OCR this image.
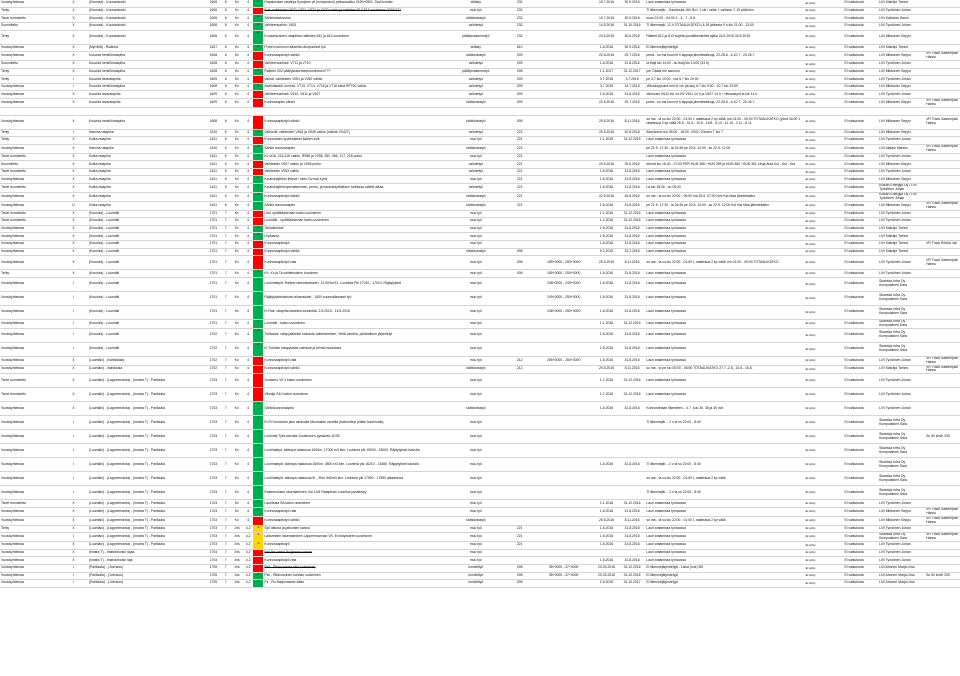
Vuosisyhteinaa	X	(Kouvola) - Kuusankoski	1606	6	Kv	4	2	Rapakosken ratalinja Kymijoen yli (kompostori) pelkanaukko 0190+0501. Tasli kohder	silikaty	232		15.7.2016	30.9.2016	Lauri antamissa työraossa	Ei tehty	Ei vaikutusta	LiVi Käkräpi Tommi	
Tehty	X	(Kouvola) - Kuusankoski	1606	6	Kv	4	2	Kuk. vaihteiden V620, V621, V624 ja V620 vaihto ja raiteiden 812-813 uusiminen 2016/???	muu työ	232				Tl liikennejär. - Kaudessa 16h Ilt-rl. 1 vkl / raide + vaiheen 7-19 päivinen	Ei tehty	Ei vaikutusta	LiVi Tyndönen Juhan	
Tarve tunnistettu	X	(Kouvola) - Kuusankoski	1606	6	Kv	4	2	Sähkörataluvutus	sähköratatyö	232		10.7.2016	30.9.2016	kuun 21:00 - 04:00 3 - 4 - 7 - 8.8.	Ei tehty	Ei vaikutusta	LiVi Kaiholan Sanni	
Suunniteltu	X	(Kouvola) - Kuusankoski	1606	6	Kv	4	2	Vaihteenvaihto: V631	vaihdetyö	232		14.5.2016	31.10.2016	Tl liikennejär. 12 h TOTAALIKATKO LA 18 järkesta 9 h klo 21:00 - 12:00	Ei tehty	Ei vaikutusta	LiVi Tyndönen Juhan	
Tehty	X	(Kouvola) - Kuusankoski	1606	6	Kv	4	2	Kuusankosken ratapihan raiteiden 812 ja 813 uusiminen	päällysrakennetyö	232		24.5.2015	30.6.2015	Raiteet 812 ja 813 suljettu junaliikenteeltä ajalla 24.5.2015-30.6.2015	Ei tehty	Ei vaikutusta	LiVi Mikkonen Seppo	
Vuosisyhteinaa	X	(Myrnlilä) - Rialinna	1607	6	Kv	4	2	Prann ruoinnon ratuselta ulkopuolisel työ	silikaty	610		1.6.2016	30.9.2016	Ei liikennejärjestelyjä	Ei tehty	Ei vaikutusta	LiVi Käkräpi Tommi	
Vuosisyhteinaa	X	Kouvola henkilöratapiha	1608	6	Kv	4	1	Kunnossapitotyö sähkö	sähköratatyö	009		22.6.2016	29.7.2016	perta - su ma kuun ilt h lappaja jännitekatkoja, 22-28.6., 6-10.7., 20-26.7.	Ei tehty	Ei vaikutusta	LiVi Mikkonen Seppo	VR Track Saarenpää Hannu
Suunniteltu	X	Kouvola henkilöratapiha	1608	6	Kv	4	1	Vaihteenvaihdot: V711 ja V710	vaihdetyö	009		1.6.2016	31.8.2016	la thaji klo 14:00 - su thaji klo 14:00 (24 h)	Ei tehty	Ei vaikutusta	LiVi Tyndönen Juhan	
Tehty	X	Kouvola henkilöratapiha	1608	6	Kv	4	2	Raiteen 002 päällysrakenteenuusiminen???	päällysrakennetyö	006		1.1.2017	31.12.2017	per Oaida me samoun	Ei tehty	Ei vaikutusta	LiVi Mikkonen Seppo	
Tehty	I	Kouvola lavaratapiha	1609	6	Kv	4	1	Vaihat. vaihteiden V051 ja V052 vaihto	vaihdetyö	009		3.7.2015	3.7.2015	pe 3.7 klo 10:00 - ma 5.7 klo 20:00	Ei tehty	Ei vaikutusta	LiVi Tyndönen Juhan	
Vuosisyhteinaa	I	Kouvola henkilöratapiha	1608	6	Kv	4	2	Asetinlaiatilt. kunnioi, V713, V714, V715 ja V716 sekä RP700 vaihto	vaihdetyö	009		3.7.2015	14.7.2015	Viikonloppuina mini 6 vrk (la-las) 6:7 klo 9:00 - 10.7 klo 23:59	Ei tehty	Ei vaikutusta	LiVi Mikkonen Seppo	
Vuosisyhteinaa	X	Kouvola lavaratapiha	1609	6	Kv	4	1	Vaihteenvaihdot: V610, V611 ja V627	vaihdetyö	009		1.6.2016	31.8.2016	ottoluuse V610 klo 14:00/ V611 14 h ja V627 14 h = hitsaustyöt la lue 14 h	Ei tehty	Ei vaikutusta	LiVi Tyndönen Juhan	
Vuosisyhteinaa	X	Kouvola lavaratapiha	1609	6	Kv	4	1	Kunnossapito sähkö	sähköratatyö	009		22.6.2016	29.7.2016	perta - su ma kuun ilt h lappaja jännitekatkoja, 22-28.6., 6-10.7., 20-26.7.	Ei tehty	Ei vaikutusta	LiVi Mikkonen Seppo	VR Track Saarenpää Hannu

Vuosisyhteinaa	X	Kouvola henkilöratapiha	1608	6	Kv	4	1	Kunnossapitotyö sähkö	sähköratatyö	006		25.5.2016	8.11.2016	su ma - la su klo 22:00 - 01:00 1 ratalissua 2 kp väliä, klo 01:00 - 05:00 TOTAALIKATKO (yönä 06:00 1 ratalissua 2 kp väliä 25.5 - 31.5., 10.8 - 16.8., 5.10 - 11.10., 2.11 - 8.11.	Ei tehty	Ei vaikutusta	LiVi Mikkonen Seppo	VR Track Saarenpää Hannu
Tehty	I	Hamina ratapiha	1610	6	Kv	4	2	Vaiturulli: vaihteiden V544 ja V546 vaihto (vaihde V0427)	vaihdetyö	222		20.5.2015	20.5.2015	Almykoivin klo 06:00 - 18:00. V042 / Einarin T klo 7	Ei tehty	Ei vaikutusta	LiVi Mikkonen Seppo	
Tehty	X	Kotka ratapiha	1611	6	Kv	4	1	Kunnostaen sydöntaiteet kaiken sulk	muu työ	221		1.1.2015	31.12.2015	Lauri antamissa työraossa	Ei tehty	Ei vaikutusta	LiVi Tyndönen Juhan	
Vuosisyhteinaa	X	Hamina ratapiha	1610	6	Kv	4	2	Sähkö kunnossapito	sähköratatyö	222				pe 21.5. 17:30 - la 16:45 pe 20.5. 12:00 - su 22.5. 12:00	Ei tehty	Ei vaikutusta	LiVi Alatalo Markku	VR Track Saarenpää Hannu
Tarve tunnistettu	X	Kotka ratapiha	1611	6	Kv	4	2	Kv ut16, 216,218 vaihto, R958 ja V258, 260, 066, 217, 218 purku	muu työ	221				Lauri antamissa työraossa	Ei tehty	Ei vaikutusta	LiVi Tyndönen Juhan	
Suunniteltu	X	Kotka ratapiha	1611	6	Kv	4	1	Vaihteiden V097 vaihto ja V096 purku	vaihdetyö	221		24.5.2016	25.5.2016	ehenä klo 16:40 - 07:00 PER HUN 358 / HUN 359 ja HUN 360 / HUN 361 Liivja Aula Kiu - Kto - Kta	Ei tehty	Ei vaikutusta	LiVi Mikkonen Seppo	
Tarve tunnistettu	X	Kotka ratapiha	1611	6	Kv	4	1	Vaihteiden V053 vaihto	vaihdetyö	221		1.6.2016	31.8.2016	Lauri antamissa työraossa	Ei tehty	Ei vaikutusta	LiVi Tyndönen Juhan	
Vuosisyhteinaa	X	Kotka ratapiha	1611	6	Kv	4	2	Kaukokäyttöön liittyvä / siirto Gv:ssä Kymi	muu työ	221		1.6.2016	31.8.2016	Lauri antamissa työraossa	Ei tehty	Ei vaikutusta	LiVi Mikkonen Seppo	
Tarve tunnistettu	X	Kotka ratapiha	1611	6	Kv	4	2	Kaukokäyttöönperustaminen, perhu, ja kaukokäyttöäluen tunlikssa raiteet alkaa	vaihdetyö	221		1.6.2016	31.8.2016	La klo 18:30 - su 09:30	Ei tehty	Ei vaikutusta	Koikan Energija Oy / LiVi Tyndönen Juhan	
Vuosisyhteinaa	X	Kotka ratapiha	1611	6	Kv	4	2	Kunnossapitotyö sähkö	sähköratatyö	221		22.6.2016	26.8.2016	su ma - la su klo 20:00 - 06:00 ma 26.6. 07:00 Hve Kta Maa jännitekatko	Ei tehty	Ei vaikutusta	Koikan Energija Oy / LiVi Tyndönen Juhan	
Vuosisyhteinaa	U	Kotka ratapiha	1611	6	Kv	4	2	Sähkö kunnossapito	sähköratatyö	221		1.6.2016	31.8.2016	pe 21.5. 17:30 - la 16:45 pe 20.5. 12:00 - su 22.5. 12:00 Kot Kta Maa jännitekatko	Ei tehty	Ei vaikutusta	LiVi Mikkonen Seppo	VR Track Saarenpää Hannu
Tarve tunnistettu	X	(Kouvola) - Luumäki	1701	7	Kv	4	1	Uml. sydöttäaseman katon uusiminen	muu työ			1.1.2016	31.12.2016	Lauri antamissa työraossa	Ei tehty	Ei vaikutusta	LiVi Tyndönen Juhan	
Tarve tunnistettu	X	(Kouvola) - Luumäki	1701	7	Kv	4	1	Luumäki - sydöttäaseman katon uusiminen	muu työ			1.1.2016	31.12.2016	Lauri antamissa työraossa	Ei tehty	Ei vaikutusta	LiVi Tyndönen Juhan	
Vuosisyhteinaa	X	(Kouvola) - Luumäki	1701	7	Kv	4	2	Tarkastukset	muu työ			1.6.2016	31.8.2016	Lauri antamissa työraossa	Ei tehty	Ei vaikutusta	LiVi Käkräpi Tommi	
Vuosisyhteinaa	X	(Kouvola) - Luumäki	1701	7	Kv	4	2	Liiptuanta	muu työ			1.6.2016	31.8.2016	Lauri antamissa työraossa	Ei tehty	Ei vaikutusta	LiVi Käkräpi Tommi	
Vuosisyhteinaa	X	(Kouvola) - Luumäki	1701	7	Kv	4	1	Kunnossapitotyö	muu työ			1.6.2016	31.8.2016	Lauri antamissa työraossa	Ei tehty	Ei vaikutusta	LiVi Käkräpi Tommi	VR Track Rönkä Jari
Vuosisyhteinaa	X	(Kouvola) - Luumäki	1701	7	Kv	4	1	Kunnossapitotyö sähkö	sähköratatyö	006		9.2.2015	22.2.2016	Lauri antamissa työraossa	Ei tehty	Ei vaikutusta	LiVi Käkräpi Tommi	
Vuosisyhteinaa	X	(Kouvola) - Luumäki	1701	7	Kv	4	1	Kunnossapitotyö rata	muu työ	006	185+0000 - 250+0000	25.5.2016	8.11.2016	su ma - la su klo 22:00 - 01:00 1 ratalissua 2 kp väliä, klo 01:00 - 05:00 TOTAALIKATKO	Ei tehty	Ei vaikutusta	LiVi Tyndönen Juhan	VR Track Saarenpää Hannu
Tehty	X	(Kouvola) - Luumäki	1701	7	Kv	4	2	Kh, Kv ja Ta vaihteksiston tuuminen	muu työ	006	185+0000 - 200+0000	1.6.2016	31.8.2016	Lauri antamissa työraossa	Ei tehty	Ei vaikutusta	LiVi Tyndönen Juhan	
Vuosisyhteinaa	I	(Kouvola) - Luumäki	1701	7	Kv	4	2	Louhintatyöt: Raiteel rakentamiseen, 12:00/hd 51. Louhinta Plk 17010 - 17010. Räjäytykset	muu työ		248+0000 - 249+0000	1.6.2016	31.8.2016	Lauri antamissa työraossa	Ei tehty	Ei vaikutusta	Skanska Infra Oy Kumpulainen Sara	
Vuosisyhteinaa	I	(Kouvola) - Luumäki	1701	7	Kv	4	2	Räjäytyksteaksiuta ta'kansulain - 1600 suunnallamaan työ	muu työ		249+0000 - 250+0000	1.6.2016	31.8.2016	Lauri antamissa työraossa	Ei tehty	Ei vaikutusta	Skanska Infra Oy Kumpulainen Sara	
Vuosisyhteinaa	I	(Kouvola) - Luumäki	1701	7	Kv	4	2	Ei Rak. ratapiha kakekisi kiulumilta, 2.6.2015 - 15.5.2016	muu työ		248+0000 - 250+0000	1.6.2016	31.8.2016	Lauri antamissa työraossa	Ei tehty	Ei vaikutusta	Skanska Infra Oy Kumpulainen Sara	
Vuosisyhteinaa	I	(Kouvola) - Luumäki	1701	7	Kv	4	2	Luumäki - katon uusiminen	muu työ			1.1.2016	31.12.2016	Lauri antamissa työraossa	Ei tehty	Ei vaikutusta	Skanska Infra Oy Kumpulainen Sara	
Vuosisyhteinaa	I	(Kouvola) - Luumäki	1702	7	Kv	4	2	Tullivalva: ratapysäkkien kaivanto rakentaminen, Vielä varrella, piriahalinen järjestelyt	muu työ			1.6.2016	31.8.2016	Lauri antamissa työraossa	Ei tehty	Ei vaikutusta	Skanska Infra Oy Kumpulainen Sara	
Vuosisyhteinaa	I	(Kouvola) - Luumäki	1702	7	Kv	4	2	Ei Tullrakk ratapysalas valmiste ja tehdä muutoksia	muu työ			1.6.2016	31.8.2016	Lauri antamissa työraossa	Ei tehty	Ei vaikutusta	Skanska Infra Oy Kumpulainen Sara	
Vuosisyhteinaa	X	(Luumäki) - (Vainikkala)	1702	7	Kv	4	1	Kunnossapitotyö rata	muu työ	212	255+0000 - 260+0000	1.6.2016	31.8.2016	Lauri antamissa työraossa	Ei tehty	Ei vaikutusta	LiVi Tyndönen Juhan	VR Track Saarenpää Hannu
Vuosisyhteinaa	X	(Luumäki) - Vainikkala	1702	7	Kv	4	1	Kunnossapitotyö sähkö	sähköratatyö	212		25.5.2016	8.11.2016	su ma - to pe klo 00:00 - 06:00 TOTAALIKATKO 27.7.-2.8., 10.8.- 16.8.	Ei tehty	Ei vaikutusta	LiVi Käkräpi Tommi	VR Track Saarenpää Hannu
Tarve tunnistettu	X	(Luumäki) - (Lappeenranta) - (Imatra T) - Parikkala	1703	7	Kv	4	1	Joutseno VK ii katon uusiminen	muu työ			1.1.2016	31.12.2016	Lauri antamissa työraossa	Ei tehty	Ei vaikutusta	LiVi Tyndönen Juhan	
Tarve tunnistettu	X	(Luumäki) - (Lappeenranta) - (Imatra T) - Parikkala	1703	7	Kv	4	1	Vitosija SA t katon uusiminen	muu työ			1.1.2016	31.12.2016	Lauri antamissa työraossa	Ei tehty	Ei vaikutusta	LiVi Tyndönen Juhan	
Vuosisyhteinaa	X	(Luumäki) - (Lappeenranta) - (Imatra T) - Parikkala	1703	7	Kv	4	2	Sähkökunnossapito	sähköratatyö			1.6.2016	31.8.2016	Kunnostetaan liikenteen... 4.7. kuu 30, 36 ja 40 viot	Ei tehty	Ei vaikutusta	LiVi Tyndönen Juhan	
Vuosisyhteinaa	I	(Luumäki) - (Lappeenranta) - (Imatra T) - Parikkala	1703	7	Kv	4	2	Ei Ri Huomioitu jaks varavalla Muumalan varrella (kaivuntleyt pitäisi huomioida)	muu työ					Tl liikennejär. - 2 x la su 22:00 - 8:40	Ei tehty	Ei vaikutusta	Skanska Infra Oy Kumpulainen Sara	
Vuosisyhteinaa	I	(Luumäki) - (Lappeenranta) - (Imatra T) - Parikkala	1703	7	Kv	4	2	Louhinta Tyks taloutta Joutsnonen pysakotu 11/05	muu työ						Ei tehty	Ei vaikutusta	Skanska Infra Oy Kumpulainen Sara	Sn 60 km/h 200
Vuosisyhteinaa	I	(Luumäki) - (Lappeenranta) - (Imatra T) - Parikkala	1703	7	Kv	4	2	Louhintatyö: aldeaya ratalukua 1600m, 17000 m3 klm, Louhinta plk 15000 - 18000. Räjäytykset kaivulla	muu työ						Ei tehty	Ei vaikutusta	Skanska Infra Oy Kumpulainen Sara	
Vuosisyhteinaa	I	(Luumäki) - (Lappeenranta) - (Imatra T) - Parikkala	1703	7	Kv	4	2	Louhintatyöt: aldeaya ratalukua 1600m, 4800 m3 klm. Louhinta plk 16210 - 16350. Räjäytykset kaivulla	muu työ			1.6.2016	31.8.2016	Tl liikennejär. - 2 x la su 22:00 - 8:40	Ei tehty	Ei vaikutusta	Skanska Infra Oy Kumpulainen Sara	
Vuosisyhteinaa	I	(Luumäki) - (Lappeenranta) - (Imatra T) - Parikkala	1703	7	Kv	4	2	Louhintatyöt: aldeaya ratalukua fil - 30m, 660m3 klm. Louhinta plk 17550 - 17550 aikaisensa	muu työ					su ma - la su klo 22:00 - 01:00 1 ratalissua 2 kp väliä	Ei tehty	Ei vaikutusta	Skanska Infra Oy Kumpulainen Sara	
Vuosisyhteinaa	I	(Luumäki) - (Lappeenranta) - (Imatra T) - Parikkala	1703	7	Kv	4	2	Rakennuksen rakentaminen, klo 14/4 Ratapihan Louhikot pysäkelpy	muu työ					Tl liikennejär. - 2 x la su 22:00 - 8:40	Ei tehty	Ei vaikutusta	Skanska Infra Oy Kumpulainen Sara	
Tarve tunnistettu	X	(Luumäki) - (Lappeenranta) - (Imatra T) - Parikkala	1703	7	Kv	4	2	Lauritsala SA katon uusiminen	muu työ			1.1.2016	31.12.2016	Lauri antamissa työraossa	Ei tehty	Ei vaikutusta	LiVi Tyndönen Juhan	
Vuosisyhteinaa	X	(Luumäki) - (Lappeenranta) - (Imatra T) - Parikkala	1703	7	Kv	4	2	Kunnossapitotyö rata	muu työ			1.6.2016	31.8.2016	Lauri antamissa työraossa	Ei tehty	Ei vaikutusta	LiVi Mikkonen Seppo	VR Track Saarenpää Hannu
Vuosisyhteinaa	X	(Luumäki) - (Lappeenranta) - (Imatra T) - Parikkala	1703	7	Kv	4	1	Kunnossapitotyö sähkö	sähköratatyö			25.5.2016	8.11.2016	su ma - la su klo 22:00 - 01:00 1 ratalissua 2 kp väliä	Ei tehty	Ei vaikutusta	LiVi Mikkonen Seppo	VR Track Saarenpää Hannu
Tehty	X	(Luumäki) - (Lappeenranta) - (Imatra T) - Parikkala	1703	7	Jns	4,2	3	Sipl laituria ja jatkumen kaivuu	muu työ	221		1.6.2016	31.8.2016	Lauri antamissa työraossa	Ei tehty	Ei vaikutusta	LiVi Tyndönen Juhan	
Vuosisyhteinaa	I	(Luumäki) - (Lappeenranta) - (Imatra T) - Parikkala	1703	7	Jns	4,2	3	Laitureiden rakentaminen Lappeenrannan VK. Erotuspisteen uusiminen	muu työ	221		1.6.2016	31.8.2016	Lauri antamissa työraossa	Ei tehty	Ei vaikutusta	Skanska Infra Oy Kumpulainen Sara	VR Track Saarenpää Hannu
Vuosisyhteinaa	X	(Luumäki) - (Lappeenranta) - (Imatra T) - Parikkala	1703	7	Jns	4,2	3	Kunnossapitotyö	muu työ	221		1.6.2016	31.8.2016	Lauri antamissa työraossa	Ei tehty	Ei vaikutusta	LiVi Tyndönen Juhan	
Vuosisyhteinaa	X	(Imatra T) - Imatrankoski rajaa	1704	7	Jns	4,2	3	Ilmi-ilmi mieni Huijsmersuunnas	muu työ					Lauri antamissa työraossa	Ei tehty	Ei vaikutusta	LiVi Tyndönen Juhan	
Vuosisyhteinaa	X	(Imatra T) - Imatrankoski raja	1704	7	Jns	4,2	3	Kunnossapitotyö rata	muu työ			1.6.2016	31.8.2016	Lauri antamissa työraossa	Ei tehty	Ei vaikutusta	LiVi Tyndönen Juhan	
Vuosisyhteinaa	I	(Parikkala) - (Joensuu)	1705	7	Jns	4,2	3	Psk - Ritavuonnen silto uusiminen	lumisilttyö	006	35+0000 - 37+0000	20.03.2016	31.10.2016	Ei liikennejärjestelyjä - Laiva (vue) 50t	Ei tehty	Ei vaikutusta	LiVi Ahonen Marja Liisa	
Vuosisyhteinaa	I	(Parikkala) - (Joensuu)	1705	7	Jns	4,2	2	Psk - Ritavuonnen kohdan uusiminen	lumisilttyö	006	35+0000 - 37+0000	20.03.2016	31.10.2016	Ei liikennejärjestelyjä	Ei tehty	Ei vaikutusta	LiVi Ahonen Marja Liisa	Sn 60 km/h 200
Vuosisyhteinaa	I	(Parikkala) - (Joensuu)	1705	7	Jns	4,2	2	Ps - Ru Marjovaaran sillan	lumisilttyö	006		1.6.2016	31.10.2017	Ei liikennejärjestelyjä	Ei tehty	Ei vaikutusta	LiVi Ahonen Marja Liisa	
